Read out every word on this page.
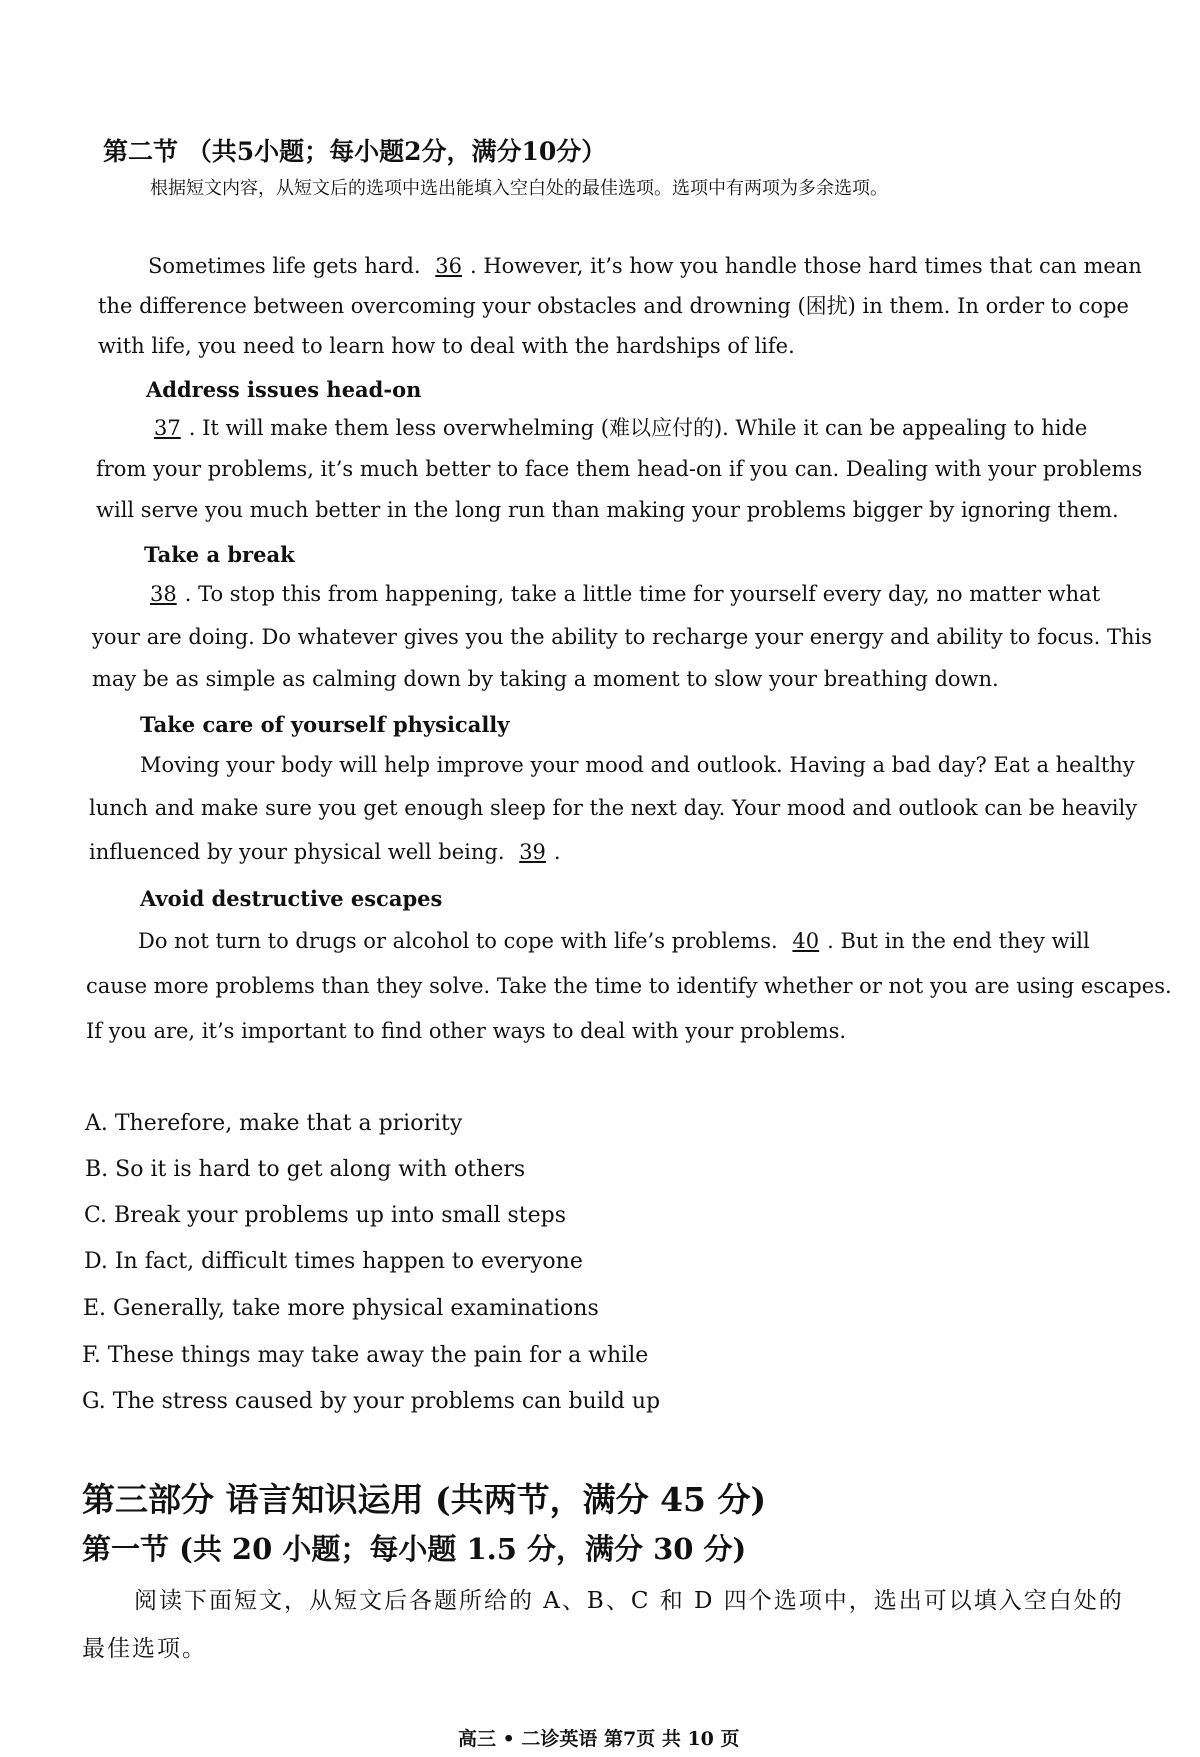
第二节 （共5小题；每小题2分，满分10分）
根据短文内容，从短文后的选项中选出能填入空白处的最佳选项。选项中有两项为多余选项。
Sometimes life gets hard. 36 . However, it’s how you handle those hard times that can mean
the difference between overcoming your obstacles and drowning (困扰) in them. In order to cope
with life, you need to learn how to deal with the hardships of life.
Address issues head-on
37 . It will make them less overwhelming (难以应付的). While it can be appealing to hide
from your problems, it’s much better to face them head-on if you can. Dealing with your problems
will serve you much better in the long run than making your problems bigger by ignoring them.
Take a break
38 . To stop this from happening, take a little time for yourself every day, no matter what
your are doing. Do whatever gives you the ability to recharge your energy and ability to focus. This
may be as simple as calming down by taking a moment to slow your breathing down.
Take care of yourself physically
Moving your body will help improve your mood and outlook. Having a bad day? Eat a healthy
lunch and make sure you get enough sleep for the next day. Your mood and outlook can be heavily
influenced by your physical well being. 39 .
Avoid destructive escapes
Do not turn to drugs or alcohol to cope with life’s problems. 40 . But in the end they will
cause more problems than they solve. Take the time to identify whether or not you are using escapes.
If you are, it’s important to find other ways to deal with your problems.
A. Therefore, make that a priority
B. So it is hard to get along with others
C. Break your problems up into small steps
D. In fact, difficult times happen to everyone
E. Generally, take more physical examinations
F. These things may take away the pain for a while
G. The stress caused by your problems can build up
第三部分 语言知识运用 (共两节，满分 45 分)
第一节 (共 20 小题；每小题 1.5 分，满分 30 分)
阅读下面短文，从短文后各题所给的 A、B、C 和 D 四个选项中，选出可以填入空白处的
最佳选项。
高三 • 二诊英语 第7页 共 10 页
